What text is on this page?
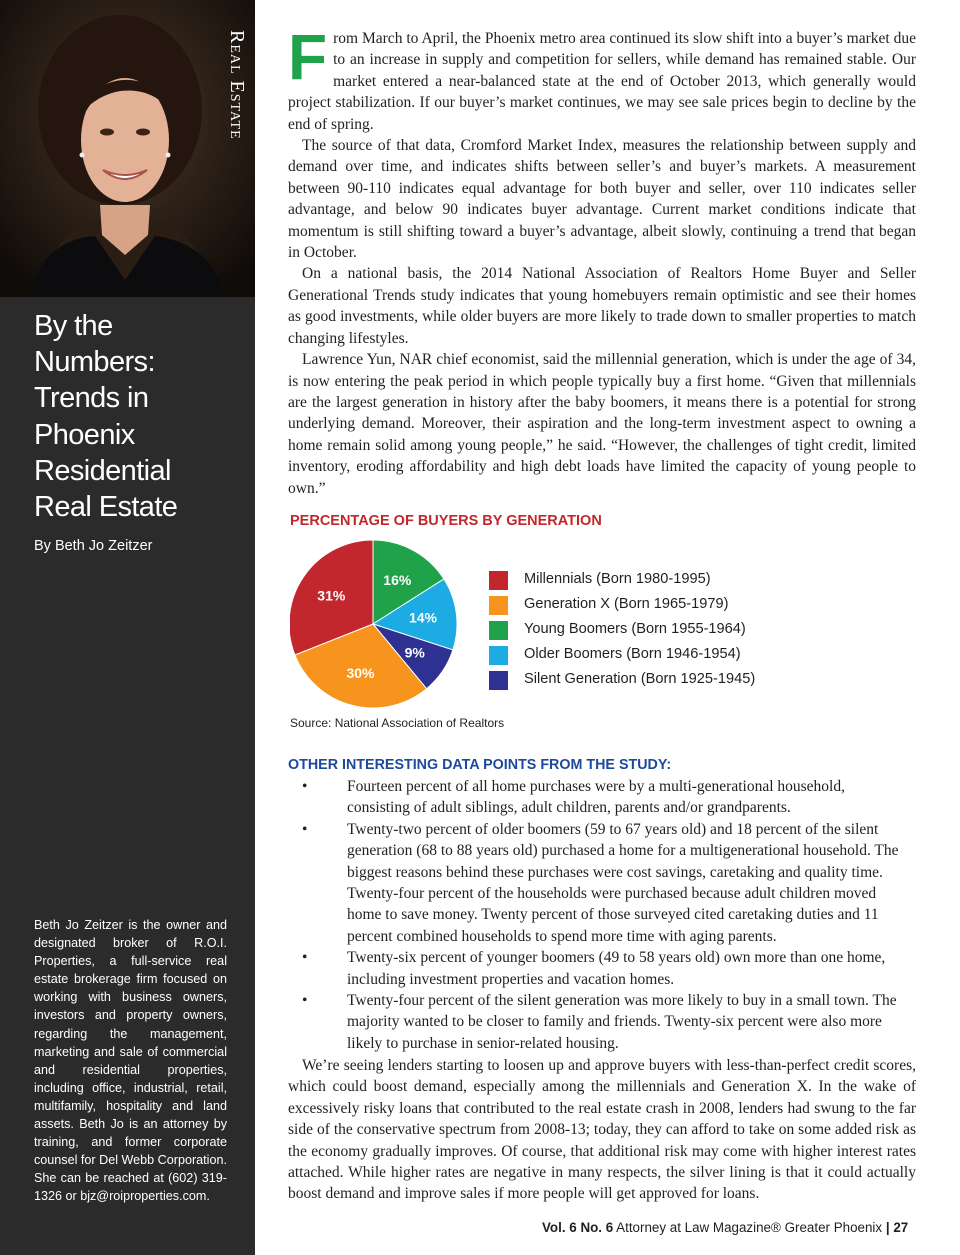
Real Estate
By the
Numbers:
Trends in
Phoenix
Residential
Real Estate
By Beth Jo Zeitzer
Beth Jo Zeitzer is the owner and designated broker of R.O.I. Properties, a full-service real estate brokerage firm focused on working with business owners, investors and property owners, regarding the management, marketing and sale of commercial and residential properties, including office, industrial, retail, multifamily, hospitality and land assets. Beth Jo is an attorney by training, and former corporate counsel for Del Webb Corporation. She can be reached at (602) 319-1326 or bjz@roiproperties.com.

From March to April, the Phoenix metro area continued its slow shift into a buyer’s market due to an increase in supply and competition for sellers, while demand has remained stable. Our market entered a near-balanced state at the end of October 2013, which generally would project stabilization. If our buyer’s market continues, we may see sale prices begin to decline by the end of spring.

The source of that data, Cromford Market Index, measures the relationship between supply and demand over time, and indicates shifts between seller’s and buyer’s markets. A measurement between 90-110 indicates equal advantage for both buyer and seller, over 110 indicates seller advantage, and below 90 indicates buyer advantage. Current market conditions indicate that momentum is still shifting toward a buyer’s advantage, albeit slowly, continuing a trend that began in October.

On a national basis, the 2014 National Association of Realtors Home Buyer and Seller Generational Trends study indicates that young homebuyers remain optimistic and see their homes as good investments, while older buyers are more likely to trade down to smaller properties to match changing lifestyles.

Lawrence Yun, NAR chief economist, said the millennial generation, which is under the age of 34, is now entering the peak period in which people typically buy a first home. “Given that millennials are the largest generation in history after the baby boomers, it means there is a potential for strong underlying demand. Moreover, their aspiration and the long-term investment aspect to owning a home remain solid among young people,” he said. “However, the challenges of tight credit, limited inventory, eroding affordability and high debt loads have limited the capacity of young people to own.”

PERCENTAGE OF BUYERS BY GENERATION
16%
14%
9%
30%
31%
Millennials (Born 1980-1995)
Generation X (Born 1965-1979)
Young Boomers (Born 1955-1964)
Older Boomers (Born 1946-1954)
Silent Generation (Born 1925-1945)
Source: National Association of Realtors
OTHER INTERESTING DATA POINTS FROM THE STUDY:
•	Fourteen percent of all home purchases were by a multi-generational household, consisting of adult siblings, adult children, parents and/or grandparents.
•	Twenty-two percent of older boomers (59 to 67 years old) and 18 percent of the silent generation (68 to 88 years old) purchased a home for a multigenerational household. The biggest reasons behind these purchases were cost savings, caretaking and quality time. Twenty-four percent of the households were purchased because adult children moved home to save money. Twenty percent of those surveyed cited caretaking duties and 11 percent combined households to spend more time with aging parents.
•	Twenty-six percent of younger boomers (49 to 58 years old) own more than one home, including investment properties and vacation homes.
•	Twenty-four percent of the silent generation was more likely to buy in a small town. The majority wanted to be closer to family and friends. Twenty-six percent were also more likely to purchase in senior-related housing.

We’re seeing lenders starting to loosen up and approve buyers with less-than-perfect credit scores, which could boost demand, especially among the millennials and Generation X. In the wake of excessively risky loans that contributed to the real estate crash in 2008, lenders had swung to the far side of the conservative spectrum from 2008-13; today, they can afford to take on some added risk as the economy gradually improves. Of course, that additional risk may come with higher interest rates attached. While higher rates are negative in many respects, the silver lining is that it could actually boost demand and improve sales if more people will get approved for loans.

Vol. 6 No. 6 Attorney at Law Magazine® Greater Phoenix | 27
